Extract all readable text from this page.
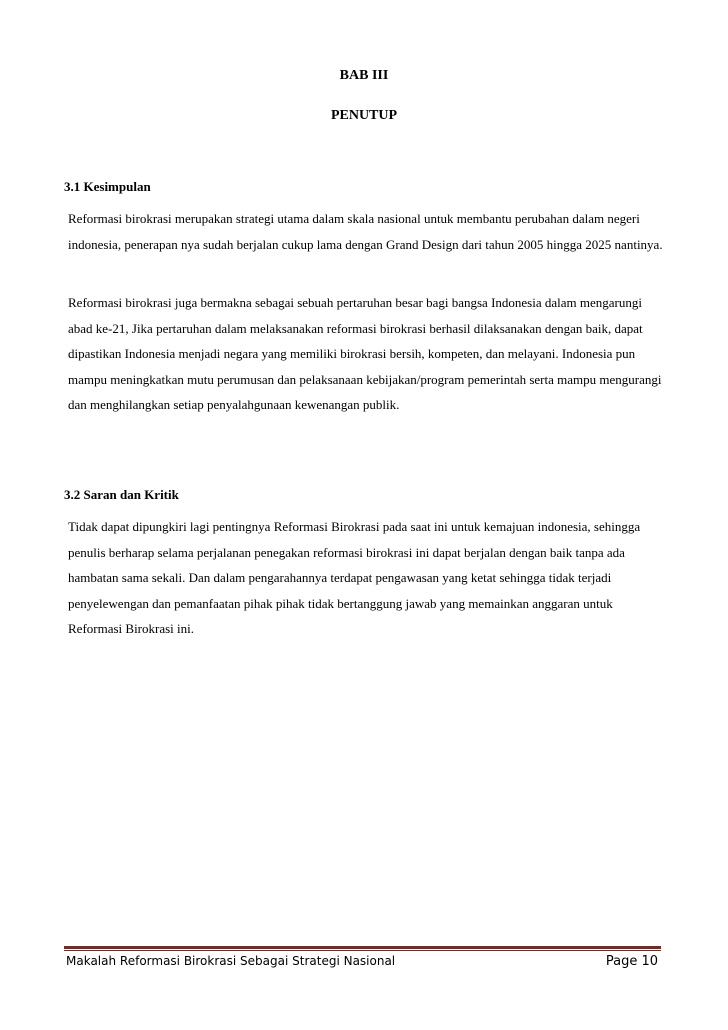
BAB III
PENUTUP
3.1 Kesimpulan

Reformasi birokrasi merupakan strategi utama dalam skala nasional untuk membantu perubahan dalam negeri indonesia, penerapan nya sudah berjalan cukup lama dengan Grand Design dari tahun 2005 hingga 2025 nantinya.

Reformasi birokrasi juga bermakna sebagai sebuah pertaruhan besar bagi bangsa Indonesia dalam mengarungi abad ke-21, Jika pertaruhan dalam melaksanakan reformasi birokrasi berhasil dilaksanakan dengan baik, dapat dipastikan Indonesia menjadi negara yang memiliki birokrasi bersih, kompeten, dan melayani. Indonesia pun mampu meningkatkan mutu perumusan dan pelaksanaan kebijakan/program pemerintah serta mampu mengurangi dan menghilangkan setiap penyalahgunaan kewenangan publik.

3.2 Saran dan Kritik

Tidak dapat dipungkiri lagi pentingnya Reformasi Birokrasi pada saat ini untuk kemajuan indonesia, sehingga penulis berharap selama perjalanan penegakan reformasi birokrasi ini dapat berjalan dengan baik tanpa ada hambatan sama sekali. Dan dalam pengarahannya terdapat pengawasan yang ketat sehingga tidak terjadi penyelewengan dan pemanfaatan pihak pihak tidak bertanggung jawab yang memainkan anggaran untuk Reformasi Birokrasi ini.

Makalah Reformasi Birokrasi Sebagai Strategi Nasional	Page 10
